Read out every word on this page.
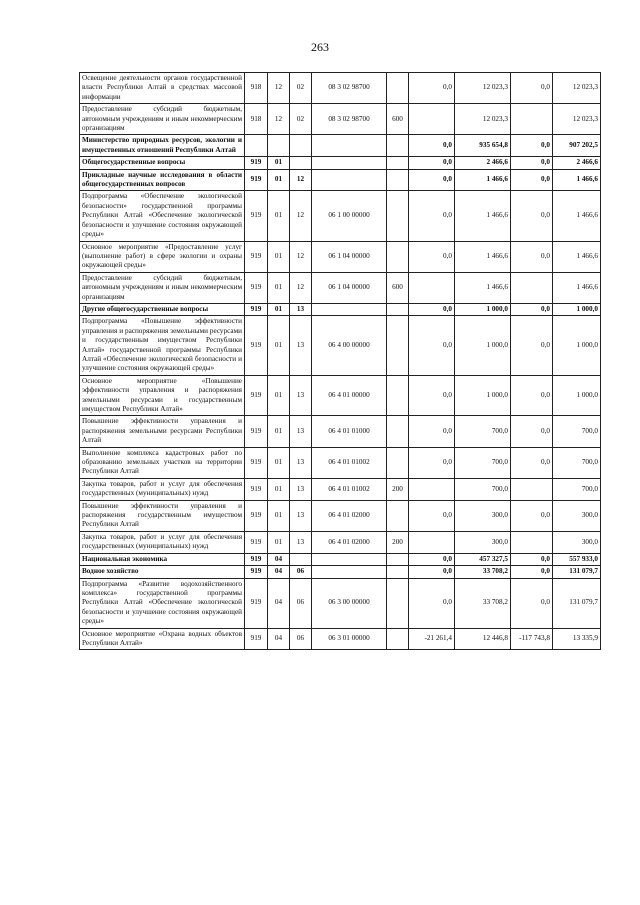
263
Освещение деятельности органов государственной власти Республики Алтай в средствах массовой информации	918	12	02	08 3 02 98700		0,0	12 023,3	0,0	12 023,3
Предоставление субсидий бюджетным, автономным учреждениям и иным некоммерческим организациям	918	12	02	08 3 02 98700	600		12 023,3		12 023,3
Министерство природных ресурсов, экологии и имущественных отношений Республики Алтай						0,0	935 654,8	0,0	907 202,5
Общегосударственные вопросы	919	01				0,0	2 466,6	0,0	2 466,6
Прикладные научные исследования в области общегосударственных вопросов	919	01	12			0,0	1 466,6	0,0	1 466,6
Подпрограмма «Обеспечение экологической безопасности» государственной программы Республики Алтай «Обеспечение экологической безопасности и улучшение состояния окружающей среды»	919	01	12	06 1 00 00000		0,0	1 466,6	0,0	1 466,6
Основное мероприятие «Предоставление услуг (выполнение работ) в сфере экологии и охраны окружающей среды»	919	01	12	06 1 04 00000		0,0	1 466,6	0,0	1 466,6
Предоставление субсидий бюджетным, автономным учреждениям и иным некоммерческим организациям	919	01	12	06 1 04 00000	600		1 466,6		1 466,6
Другие общегосударственные вопросы	919	01	13			0,0	1 000,0	0,0	1 000,0
Подпрограмма «Повышение эффективности управления и распоряжения земельными ресурсами и государственным имуществом Республики Алтай» государственной программы Республики Алтай «Обеспечение экологической безопасности и улучшение состояния окружающей среды»	919	01	13	06 4 00 00000		0,0	1 000,0	0,0	1 000,0
Основное мероприятие «Повышение эффективности управления и распоряжения земельными ресурсами и государственным имуществом Республики Алтай»	919	01	13	06 4 01 00000		0,0	1 000,0	0,0	1 000,0
Повышение эффективности управления и распоряжения земельными ресурсами Республики Алтай	919	01	13	06 4 01 01000		0,0	700,0	0,0	700,0
Выполнение комплекса кадастровых работ по образованию земельных участков на территории Республики Алтай	919	01	13	06 4 01 01002		0,0	700,0	0,0	700,0
Закупка товаров, работ и услуг для обеспечения государственных (муниципальных) нужд	919	01	13	06 4 01 01002	200		700,0		700,0
Повышение эффективности управления и распоряжения государственным имуществом Республики Алтай	919	01	13	06 4 01 02000		0,0	300,0	0,0	300,0
Закупка товаров, работ и услуг для обеспечения государственных (муниципальных) нужд	919	01	13	06 4 01 02000	200		300,0		300,0
Национальная экономика	919	04				0,0	457 327,5	0,0	557 933,0
Водное хозяйство	919	04	06			0,0	33 708,2	0,0	131 079,7
Подпрограмма «Развитие водохозяйственного комплекса» государственной программы Республики Алтай «Обеспечение экологической безопасности и улучшение состояния окружающей среды»	919	04	06	06 3 00 00000		0,0	33 708,2	0,0	131 079,7
Основное мероприятие «Охрана водных объектов Республики Алтай»	919	04	06	06 3 01 00000		-21 261,4	12 446,8	-117 743,8	13 335,9
